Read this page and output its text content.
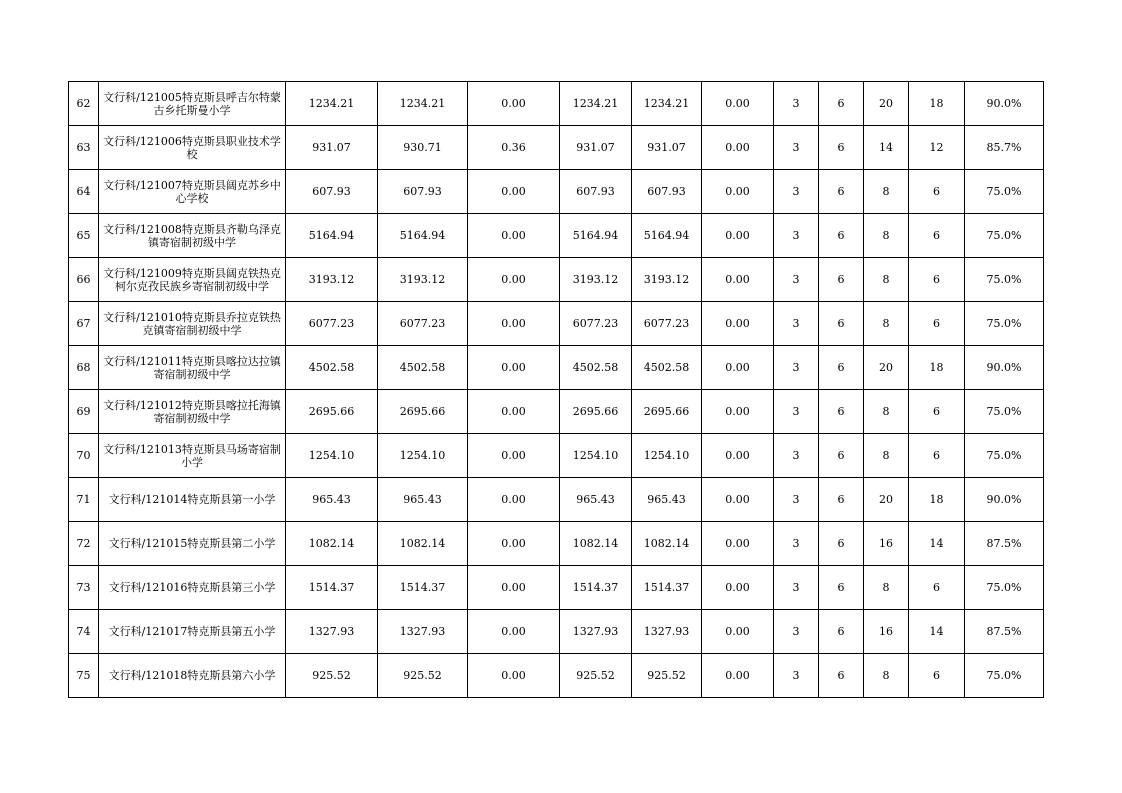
62	文行科/121005特克斯县呼吉尔特蒙古乡托斯曼小学	1234.21	1234.21	0.00	1234.21	1234.21	0.00	3	6	20	18	90.0%
63	文行科/121006特克斯县职业技术学校	931.07	930.71	0.36	931.07	931.07	0.00	3	6	14	12	85.7%
64	文行科/121007特克斯县阔克苏乡中心学校	607.93	607.93	0.00	607.93	607.93	0.00	3	6	8	6	75.0%
65	文行科/121008特克斯县齐勒乌泽克镇寄宿制初级中学	5164.94	5164.94	0.00	5164.94	5164.94	0.00	3	6	8	6	75.0%
66	文行科/121009特克斯县阔克铁热克柯尔克孜民族乡寄宿制初级中学	3193.12	3193.12	0.00	3193.12	3193.12	0.00	3	6	8	6	75.0%
67	文行科/121010特克斯县乔拉克铁热克镇寄宿制初级中学	6077.23	6077.23	0.00	6077.23	6077.23	0.00	3	6	8	6	75.0%
68	文行科/121011特克斯县喀拉达拉镇寄宿制初级中学	4502.58	4502.58	0.00	4502.58	4502.58	0.00	3	6	20	18	90.0%
69	文行科/121012特克斯县喀拉托海镇寄宿制初级中学	2695.66	2695.66	0.00	2695.66	2695.66	0.00	3	6	8	6	75.0%
70	文行科/121013特克斯县马场寄宿制小学	1254.10	1254.10	0.00	1254.10	1254.10	0.00	3	6	8	6	75.0%
71	文行科/121014特克斯县第一小学	965.43	965.43	0.00	965.43	965.43	0.00	3	6	20	18	90.0%
72	文行科/121015特克斯县第二小学	1082.14	1082.14	0.00	1082.14	1082.14	0.00	3	6	16	14	87.5%
73	文行科/121016特克斯县第三小学	1514.37	1514.37	0.00	1514.37	1514.37	0.00	3	6	8	6	75.0%
74	文行科/121017特克斯县第五小学	1327.93	1327.93	0.00	1327.93	1327.93	0.00	3	6	16	14	87.5%
75	文行科/121018特克斯县第六小学	925.52	925.52	0.00	925.52	925.52	0.00	3	6	8	6	75.0%
